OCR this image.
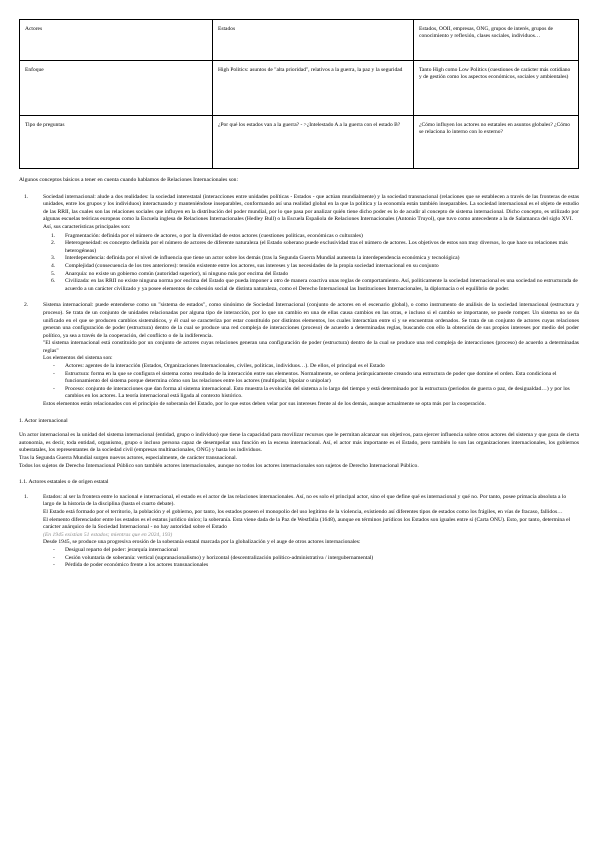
Actores	Estados	Estados, OOII, empresas, ONG, grupos de interés, grupos de conocimiento y reflexión, clases sociales, individuos…
Enfoque	High Politics: asuntos de "alta prioridad", relativos a la guerra, la paz y la seguridad	Tanto High como Low Politics (cuestiones de carácter más cotidiano y de gestión como los aspectos económicos, sociales y ambientales)
Tipo de preguntas	¿Por qué los estados van a la guerra? - >¿Intelestado A a la guerra con el estado B?	¿Cómo influyen los actores no estatales en asuntos globales? ¿Cómo se relaciona lo interno con lo externo?

Algunos conceptos básicos a tener en cuenta cuando hablamos de Relaciones Internacionales son:

1.	Sociedad internacional: alude a dos realidades: la sociedad interestatal (interacciones entre unidades políticas - Estados - que actúan mundialmente) y la sociedad transnacional (relaciones que se establecen a través de las fronteras de estas unidades, entre los grupos y los individuos) interactuando y manteniéndose inseparables, conformando así una realidad global en la que la política y la economía están también inseparables. La sociedad internacional es el objeto de estudio de las RRII, las cuales son las relaciones sociales que influyen en la distribución del poder mundial, por lo que pasa por analizar quién tiene dicho poder es lo de acudir al concepto de sistema internacional. Dicho concepto, es utilizado por algunas escuelas teóricas europeas como la Escuela inglesa de Relaciones Internacionales (Hedley Bull) o la Escuela Española de Relaciones Internacionales (Antonio Truyol), que tuvo como antecedente a la de Salamanca del siglo XVI.

Así, sus características principales son:

1. Fragmentación: definida por el número de actores, o por la diversidad de estos actores (cuestiones políticas, económicas o culturales)
2. Heterogeneidad: es concepto definida por el número de actores de diferente naturaleza (el Estado soberano puede exclusividad tras el número de actores. Los objetivos de estos son muy diversos, lo que hace su relaciones más heterogéneas)
3. Interdependencia: definida por el nivel de influencia que tiene un actor sobre los demás (tras la Segunda Guerra Mundial aumenta la interdependencia económica y tecnológica)
4. Complejidad (consecuencia de los tres anteriores): tensión existente entre los actores, sus intereses y las necesidades de la propia sociedad internacional en su conjunto
5. Anarquía: no existe un gobierno común (autoridad superior), ni ninguno más por encima del Estado
6. Civilizada: en las RRII no existe ninguna norma por encima del Estado que pueda imponer a otro de manera coactiva unas reglas de comportamiento. Así, políticamente la sociedad internacional es una sociedad no estructurada de acuerdo a un carácter civilizado y ya posee elementos de cohesión social de distinta naturaleza, como el Derecho Internacional las Instituciones Internacionales, la diplomacia o el equilibrio de poder.
2.	Sistema internacional: puede entenderse como un "sistema de estados", como sinónimo de Sociedad Internacional (conjunto de actores en el escenario global), o como instrumento de análisis de la sociedad internacional (estructura y proceso). Se trata de un conjunto de unidades relacionadas por alguna tipo de interacción, por lo que un cambio en una de ellas causa cambios en las otras, e incluso si el cambio se importante, se puede romper. Un sistema no se da unificado en el que se producen cambios sistemáticos, y él cual se caracteriza por estar constituido por distintos elementos, los cuales interactúan entre sí y se encuentran ordenados. Se trata de un conjunto de actores cuyas relaciones generan una configuración de poder (estructura) dentro de la cual se produce una red compleja de interacciones (proceso) de acuerdo a determinadas reglas, buscando con ello la obtención de sus propios intereses por medio del poder político, ya sea a través de la cooperación, del conflicto o de la indiferencia.

"El sistema internacional está constituido por un conjunto de actores cuyas relaciones generan una configuración de poder (estructura) dentro de la cual se produce una red compleja de interacciones (proceso) de acuerdo a determinadas reglas"

Los elementos del sistema son:

- Actores: agentes de la interacción (Estados, Organizaciones Internacionales, civiles, políticas, individuos…). De ellos, el principal es el Estado
- Estructura: forma en la que se configura el sistema como resultado de la interacción entre sus elementos. Normalmente, se ordena jerárquicamente creando una estructura de poder que domine el orden. Esta condiciona el funcionamiento del sistema porque determina cómo son las relaciones entre los actores (multipolar, bipolar o unipolar)
- Proceso: conjunto de interacciones que dan forma al sistema internacional. Esto muestra la evolución del sistema a lo largo del tiempo y está determinado por la estructura (periodos de guerra o paz, de desigualdad…) y por los cambios en los actores. La teoría internacional está ligada al contexto histórico.

Estos elementos están relacionados con el principio de soberanía del Estado, por lo que estos deben velar por sus intereses frente al de los demás, aunque actualmente se opta más por la cooperación.

1. Actor internacional

Un actor internacional es la unidad del sistema internacional (entidad, grupo o individuo) que tiene la capacidad para movilizar recursos que le permitan alcanzar sus objetivos, para ejercer influencia sobre otros actores del sistema y que goza de cierta autonomía, es decir, toda entidad, organismo, grupo o incluso persona capaz de desempeñar una función en la escena internacional. Así, el actor más importante es el Estado, pero también lo son las organizaciones internacionales, los gobiernos subestatales, los representantes de la sociedad civil (empresas multinacionales, ONG) y hasta los individuos.

Tras la Segunda Guerra Mundial surgen nuevos actores, especialmente, de carácter transnacional.

Todos los sujetos de Derecho Internacional Público son también actores internacionales, aunque no todos los actores internacionales son sujetos de Derecho Internacional Público.

1.1. Actores estatales o de origen estatal

1.	Estados: al ser la frontera entre lo nacional e internacional, el estado es el actor de las relaciones internacionales. Así, no es solo el principal actor, sino el que define qué es internacional y qué no. Por tanto, posee primacía absoluta a lo largo de la historia de la disciplina (hasta el cuarto debate).

El Estado está formado por el territorio, la población y el gobierno, por tanto, los estados poseen el monopolio del uso legítimo de la violencia, existiendo así diferentes tipos de estados como los frágiles, en vías de fracaso, fallidos…

El elemento diferenciador entre los estados es el estatus jurídico único; la soberanía. Esta viene dada de la Paz de Westfalia (1648), aunque en términos jurídicos los Estados son iguales entre sí (Carta ONU). Esto, por tanto, determina el carácter anárquico de la Sociedad Internacional - no hay autoridad sobre el Estado

(En 1945 existían 51 estados; mientras que en 2024, 193)

Desde 1945, se produce una progresiva erosión de la soberanía estatal marcada por la globalización y el auge de otros actores internacionales:

- Desigual reparto del poder: jerarquía internacional
- Cesión voluntaria de soberanía: vertical (supranacionalismo) y horizontal (descentralización político-administrativa / intergubernamental)
- Pérdida de poder económico frente a los actores transnacionales
